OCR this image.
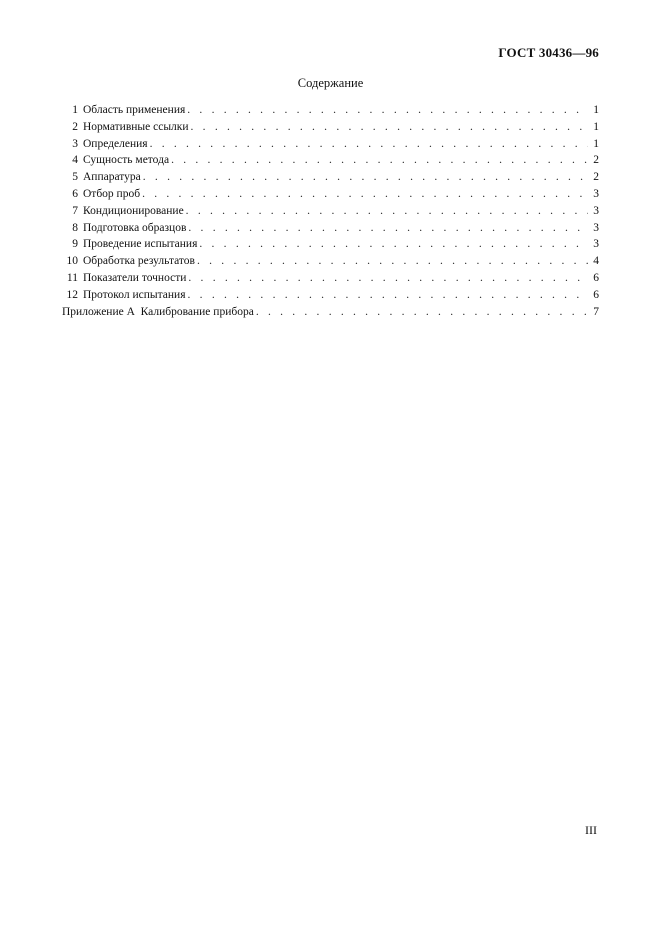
ГОСТ 30436—96
Содержание
1 Область применения . . .	1
2 Нормативные ссылки . . .	1
3 Определения . . .	1
4 Сущность метода . . .	2
5 Аппаратура . . .	2
6 Отбор проб . . .	3
7 Кондиционирование . . .	3
8 Подготовка образцов . . .	3
9 Проведение испытания . . .	3
10 Обработка результатов . . .	4
11 Показатели точности . . .	6
12 Протокол испытания . . .	6
Приложение А  Калибрование прибора . . .	7
III
